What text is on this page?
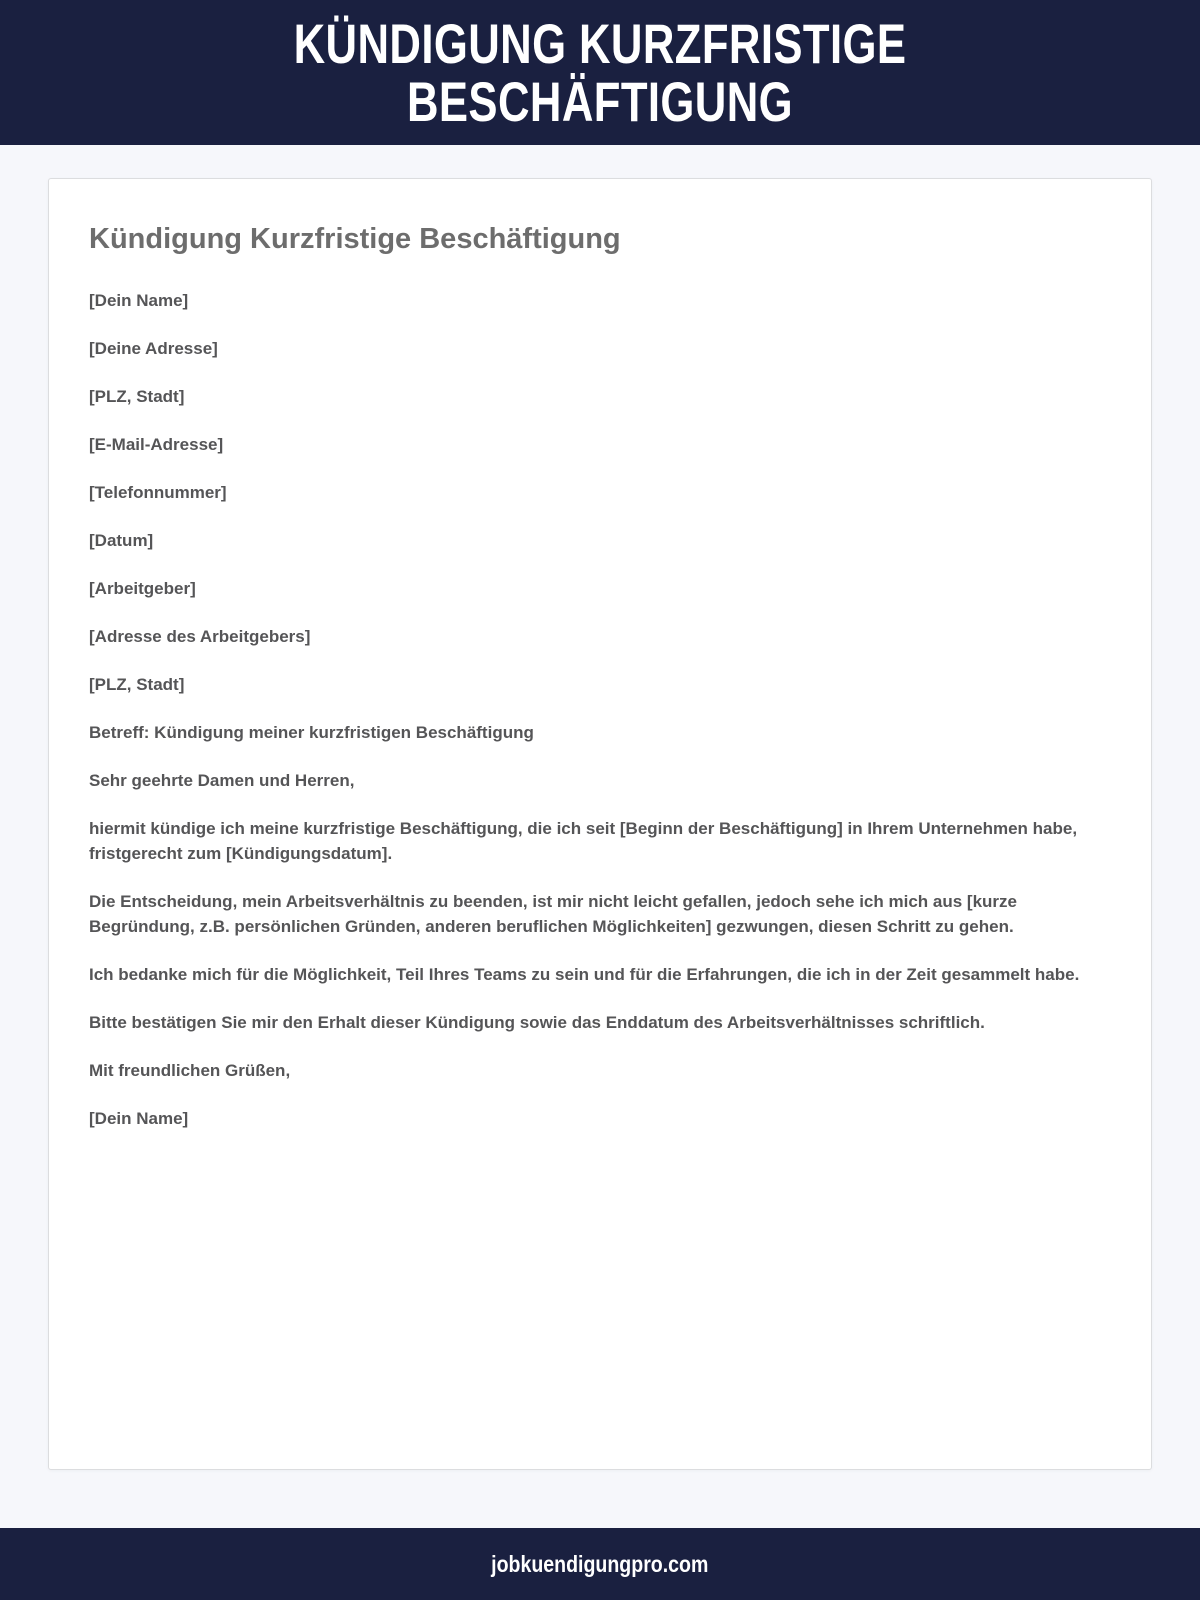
KÜNDIGUNG KURZFRISTIGE BESCHÄFTIGUNG
Kündigung Kurzfristige Beschäftigung

[Dein Name]

[Deine Adresse]

[PLZ, Stadt]

[E-Mail-Adresse]

[Telefonnummer]

[Datum]

[Arbeitgeber]

[Adresse des Arbeitgebers]

[PLZ, Stadt]

Betreff: Kündigung meiner kurzfristigen Beschäftigung

Sehr geehrte Damen und Herren,

hiermit kündige ich meine kurzfristige Beschäftigung, die ich seit [Beginn der Beschäftigung] in Ihrem Unternehmen habe, fristgerecht zum [Kündigungsdatum].

Die Entscheidung, mein Arbeitsverhältnis zu beenden, ist mir nicht leicht gefallen, jedoch sehe ich mich aus [kurze Begründung, z.B. persönlichen Gründen, anderen beruflichen Möglichkeiten] gezwungen, diesen Schritt zu gehen.

Ich bedanke mich für die Möglichkeit, Teil Ihres Teams zu sein und für die Erfahrungen, die ich in der Zeit gesammelt habe.

Bitte bestätigen Sie mir den Erhalt dieser Kündigung sowie das Enddatum des Arbeitsverhältnisses schriftlich.

Mit freundlichen Grüßen,

[Dein Name]

jobkuendigungpro.com
